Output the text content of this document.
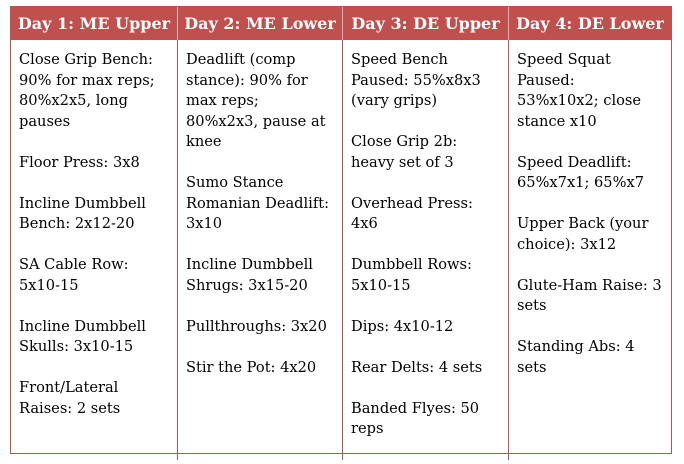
Day 1: ME Upper Day 2: ME Lower Day 3: DE Upper	Day 4: DE Lower
Close Grip Bench:
90% for max reps;
80%x2x5, long
pauses
Floor Press: 3x8
Incline Dumbbell
Bench: 2x12-20
SA Cable Row:
5x10-15
Incline Dumbbell
Skulls: 3x10-15
Front/Lateral
Raises: 2 sets
Deadlift (comp
stance): 90% for
max reps;
80%x2x3, pause at
knee
Sumo Stance
Romanian Deadlift:
3x10
Incline Dumbbell
Shrugs: 3x15-20
Pullthroughs: 3x20
Stir the Pot: 4x20
Speed Bench
Paused: 55%x8x3
(vary grips)
Close Grip 2b:
heavy set of 3
Overhead Press:
4x6
Dumbbell Rows:
5x10-15
Dips: 4x10-12
Rear Delts: 4 sets
Banded Flyes: 50
reps
Speed Squat
Paused:
53%x10x2; close
stance x10
Speed Deadlift:
65%x7x1; 65%x7
Upper Back (your
choice): 3x12
Glute-Ham Raise: 3
sets
Standing Abs: 4
sets
